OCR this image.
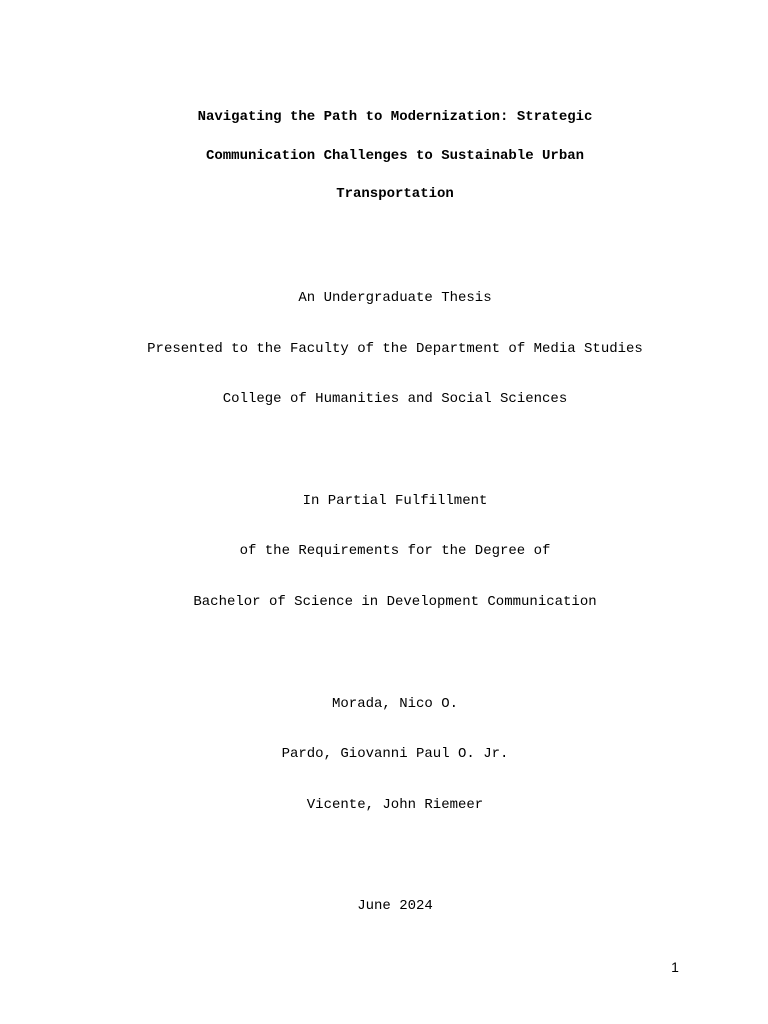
Navigating the Path to Modernization: Strategic
Communication Challenges to Sustainable Urban
Transportation
An Undergraduate Thesis
Presented to the Faculty of the Department of Media Studies
College of Humanities and Social Sciences
In Partial Fulfillment
of the Requirements for the Degree of
Bachelor of Science in Development Communication
Morada, Nico O.
Pardo, Giovanni Paul O. Jr.
Vicente, John Riemeer
June 2024
1
